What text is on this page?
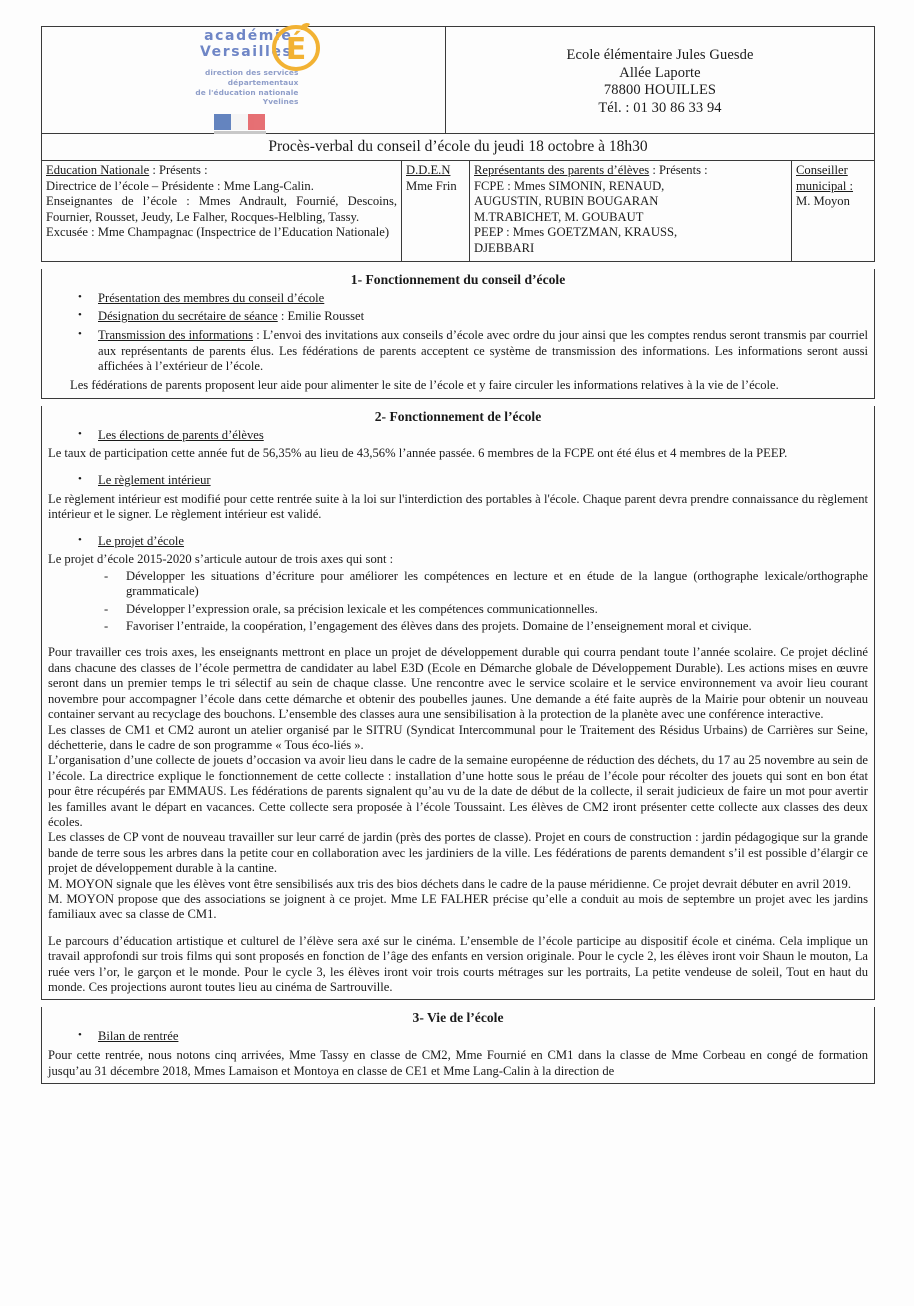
académie
Versailles
É
direction des services
départementaux
de l'éducation nationale
Yvelines
Ecole élémentaire Jules Guesde
Allée Laporte
78800 HOUILLES
Tél. : 01 30 86 33 94
Procès-verbal du conseil d’école du jeudi 18 octobre à 18h30
Education Nationale : Présents :
Directrice de l’école – Présidente : Mme Lang-Calin.
Enseignantes de l’école : Mmes Andrault, Fournié, Descoins, Fournier, Rousset, Jeudy, Le Falher, Rocques-Helbling, Tassy.
Excusée : Mme Champagnac (Inspectrice de l’Education Nationale)
D.D.E.N
Mme Frin
Représentants des parents d’élèves : Présents :
FCPE : Mmes SIMONIN, RENAUD,
AUGUSTIN, RUBIN BOUGARAN
M.TRABICHET, M. GOUBAUT
PEEP : Mmes GOETZMAN, KRAUSS,
DJEBBARI
Conseiller
municipal :
M. Moyon
1- Fonctionnement du conseil d’école
• Présentation des membres du conseil d’école
• Désignation du secrétaire de séance : Emilie Rousset
• Transmission des informations : L’envoi des invitations aux conseils d’école avec ordre du jour ainsi que les comptes rendus seront transmis par courriel aux représentants de parents élus. Les fédérations de parents acceptent ce système de transmission des informations. Les informations seront aussi affichées à l’extérieur de l’école.

Les fédérations de parents proposent leur aide pour alimenter le site de l’école et y faire circuler les informations relatives à la vie de l’école.

2- Fonctionnement de l’école
• Les élections de parents d’élèves

Le taux de participation cette année fut de 56,35% au lieu de 43,56% l’année passée. 6 membres de la FCPE ont été élus et 4 membres de la PEEP.

• Le règlement intérieur

Le règlement intérieur est modifié pour cette rentrée suite à la loi sur l'interdiction des portables à l'école. Chaque parent devra prendre connaissance du règlement intérieur et le signer. Le règlement intérieur est validé.

• Le projet d’école

Le projet d’école 2015-2020 s’articule autour de trois axes qui sont :

- Développer les situations d’écriture pour améliorer les compétences en lecture et en étude de la langue (orthographe lexicale/orthographe grammaticale)
- Développer l’expression orale, sa précision lexicale et les compétences communicationnelles.
- Favoriser l’entraide, la coopération, l’engagement des élèves dans des projets. Domaine de l’enseignement moral et civique.

Pour travailler ces trois axes, les enseignants mettront en place un projet de développement durable qui courra pendant toute l’année scolaire. Ce projet décliné dans chacune des classes de l’école permettra de candidater au label E3D (Ecole en Démarche globale de Développement Durable). Les actions mises en œuvre seront dans un premier temps le tri sélectif au sein de chaque classe. Une rencontre avec le service scolaire et le service environnement va avoir lieu courant novembre pour accompagner l’école dans cette démarche et obtenir des poubelles jaunes. Une demande a été faite auprès de la Mairie pour obtenir un nouveau container servant au recyclage des bouchons. L’ensemble des classes aura une sensibilisation à la protection de la planète avec une conférence interactive.

Les classes de CM1 et CM2 auront un atelier organisé par le SITRU (Syndicat Intercommunal pour le Traitement des Résidus Urbains) de Carrières sur Seine, déchetterie, dans le cadre de son programme « Tous éco-liés ».

L’organisation d’une collecte de jouets d’occasion va avoir lieu dans le cadre de la semaine européenne de réduction des déchets, du 17 au 25 novembre au sein de l’école. La directrice explique le fonctionnement de cette collecte : installation d’une hotte sous le préau de l’école pour récolter des jouets qui sont en bon état pour être récupérés par EMMAUS. Les fédérations de parents signalent qu’au vu de la date de début de la collecte, il serait judicieux de faire un mot pour avertir les familles avant le départ en vacances. Cette collecte sera proposée à l’école Toussaint. Les élèves de CM2 iront présenter cette collecte aux classes des deux écoles.

Les classes de CP vont de nouveau travailler sur leur carré de jardin (près des portes de classe). Projet en cours de construction : jardin pédagogique sur la grande bande de terre sous les arbres dans la petite cour en collaboration avec les jardiniers de la ville. Les fédérations de parents demandent s’il est possible d’élargir ce projet de développement durable à la cantine.

M. MOYON signale que les élèves vont être sensibilisés aux tris des bios déchets dans le cadre de la pause méridienne. Ce projet devrait débuter en avril 2019.

M. MOYON propose que des associations se joignent à ce projet. Mme LE FALHER précise qu’elle a conduit au mois de septembre un projet avec les jardins familiaux avec sa classe de CM1.

Le parcours d’éducation artistique et culturel de l’élève sera axé sur le cinéma. L’ensemble de l’école participe au dispositif école et cinéma. Cela implique un travail approfondi sur trois films qui sont proposés en fonction de l’âge des enfants en version originale. Pour le cycle 2, les élèves iront voir Shaun le mouton, La ruée vers l’or, le garçon et le monde. Pour le cycle 3, les élèves iront voir trois courts métrages sur les portraits, La petite vendeuse de soleil, Tout en haut du monde. Ces projections auront toutes lieu au cinéma de Sartrouville.

3- Vie de l’école
• Bilan de rentrée

Pour cette rentrée, nous notons cinq arrivées, Mme Tassy en classe de CM2, Mme Fournié en CM1 dans la classe de Mme Corbeau en congé de formation jusqu’au 31 décembre 2018, Mmes Lamaison et Montoya en classe de CE1 et Mme Lang-Calin à la direction de
